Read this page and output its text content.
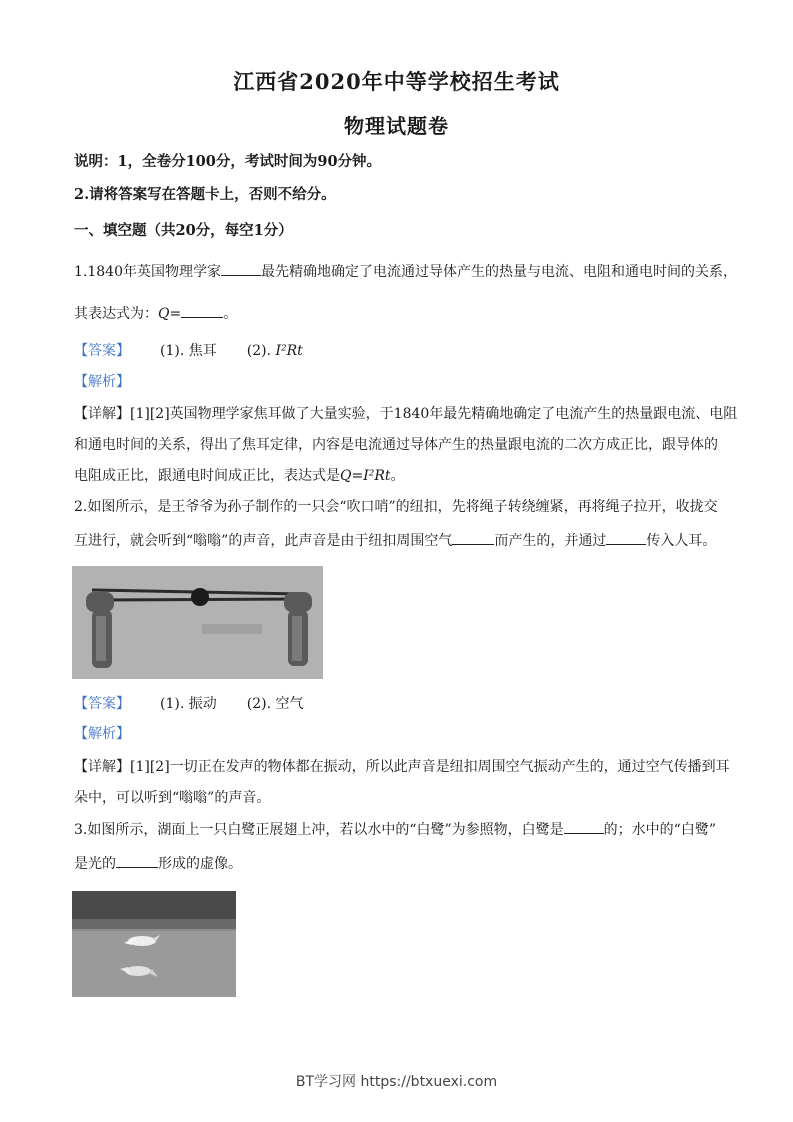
江西省2020年中等学校招生考试
物理试题卷
说明：1，全卷分100分，考试时间为90分钟。
2.请将答案写在答题卡上，否则不给分。
一、填空题（共20分，每空1分）
1.1840年英国物理学家	最先精确地确定了电流通过导体产生的热量与电流、电阻和通电时间的关系，
其表达式为：Q=	。
【答案】 (1). 焦耳 (2). I²Rt
【解析】
【详解】[1][2]英国物理学家焦耳做了大量实验，于1840年最先精确地确定了电流产生的热量跟电流、电阻
和通电时间的关系，得出了焦耳定律，内容是电流通过导体产生的热量跟电流的二次方成正比，跟导体的
电阻成正比，跟通电时间成正比，表达式是Q=I²Rt。
2.如图所示，是王爷爷为孙子制作的一只会“吹口哨”的纽扣，先将绳子转绕缠紧，再将绳子拉开，收拢交
互进行，就会听到“嗡嗡”的声音，此声音是由于纽扣周围空气	而产生的，并通过	传入人耳。
【答案】 (1). 振动 (2). 空气
【解析】
【详解】[1][2]一切正在发声的物体都在振动，所以此声音是纽扣周围空气振动产生的，通过空气传播到耳
朵中，可以听到“嗡嗡”的声音。
3.如图所示，湖面上一只白鹭正展翅上冲，若以水中的“白鹭”为参照物，白鹭是	的；水中的“白鹭”
是光的	形成的虚像。
BT学习网 https://btxuexi.com
